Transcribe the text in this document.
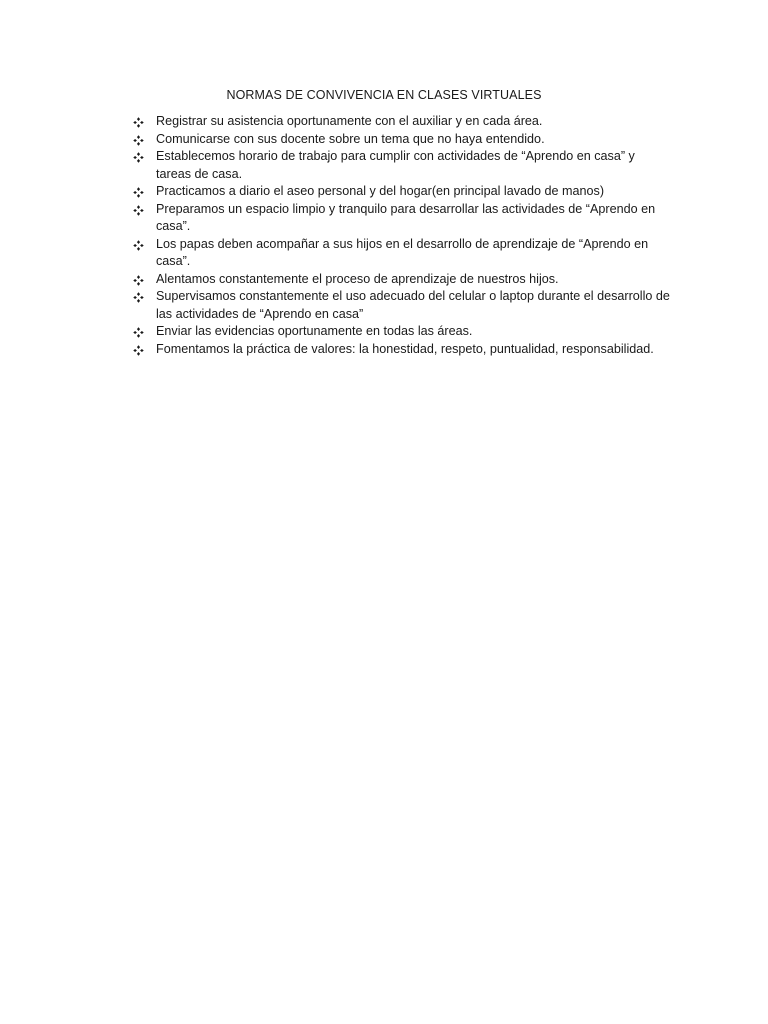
NORMAS DE CONVIVENCIA EN CLASES VIRTUALES
Registrar su asistencia oportunamente con el auxiliar y en cada área.
Comunicarse con sus docente sobre un tema que no haya entendido.
Establecemos horario de trabajo para cumplir con actividades de “Aprendo en casa” y tareas de casa.
Practicamos a diario el aseo personal y del hogar(en principal lavado de manos)
Preparamos un espacio limpio y tranquilo para desarrollar las actividades de “Aprendo en casa”.
Los papas deben acompañar a sus hijos en el desarrollo de aprendizaje de “Aprendo en casa”.
Alentamos constantemente el proceso de aprendizaje de nuestros hijos.
Supervisamos constantemente el uso adecuado del celular o laptop durante el desarrollo de las actividades de “Aprendo en casa”
Enviar las evidencias oportunamente en todas las áreas.
Fomentamos la práctica de valores: la honestidad, respeto, puntualidad, responsabilidad.
